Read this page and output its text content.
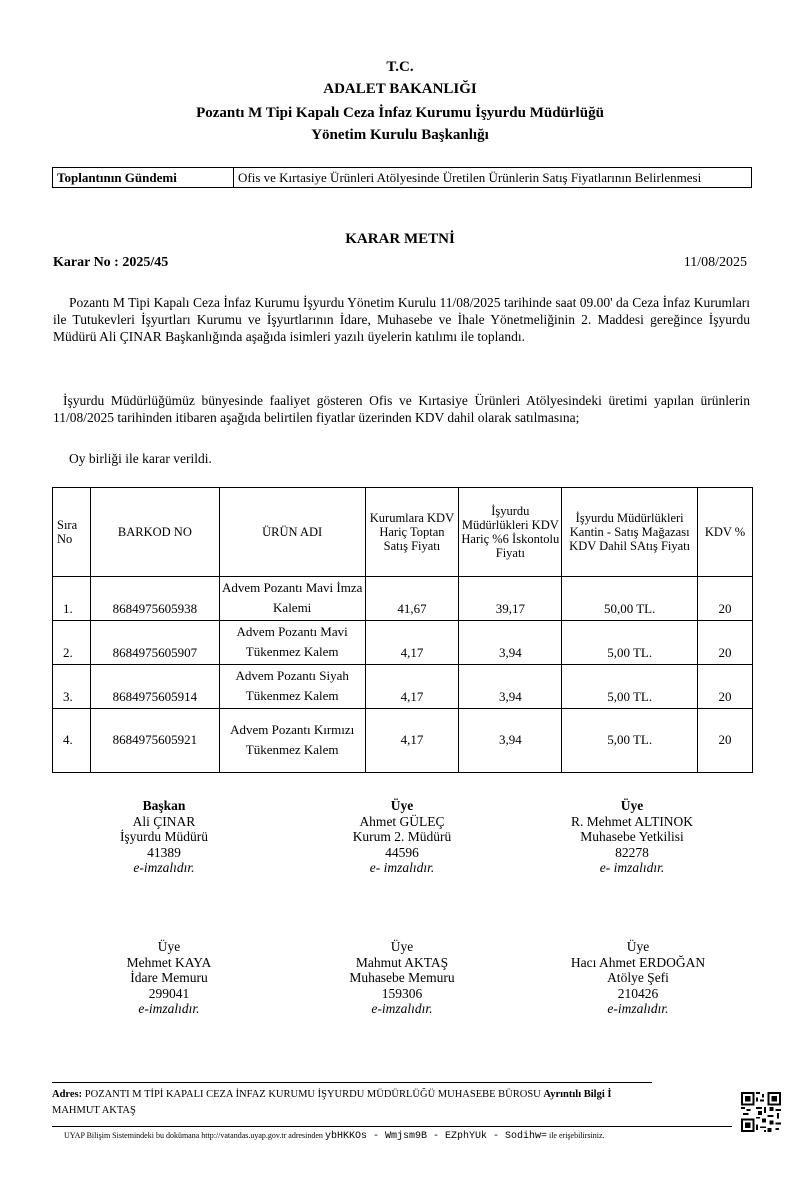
T.C.
ADALET BAKANLIĞI
Pozantı M Tipi Kapalı Ceza İnfaz Kurumu İşyurdu Müdürlüğü
Yönetim Kurulu Başkanlığı
Toplantının Gündemi	Ofis ve Kırtasiye Ürünleri Atölyesinde Üretilen Ürünlerin Satış Fiyatlarının Belirlenmesi
KARAR METNİ
Karar No : 2025/45	11/08/2025
Pozantı M Tipi Kapalı Ceza İnfaz Kurumu İşyurdu Yönetim Kurulu 11/08/2025 tarihinde saat 09.00' da Ceza İnfaz Kurumları ile Tutukevleri İşyurtları Kurumu ve İşyurtlarının İdare, Muhasebe ve İhale Yönetmeliğinin 2. Maddesi gereğince İşyurdu Müdürü Ali ÇINAR Başkanlığında aşağıda isimleri yazılı üyelerin katılımı ile toplandı.
İşyurdu Müdürlüğümüz bünyesinde faaliyet gösteren Ofis ve Kırtasiye Ürünleri Atölyesindeki üretimi yapılan ürünlerin 11/08/2025 tarihinden itibaren aşağıda belirtilen fiyatlar üzerinden KDV dahil olarak satılmasına;
Oy birliği ile karar verildi.
Sıra No	BARKOD NO	ÜRÜN ADI	Kurumlara KDV Hariç Toptan Satış Fiyatı	İşyurdu Müdürlükleri KDV Hariç %6 İskontolu Fiyatı	İşyurdu Müdürlükleri Kantin - Satış Mağazası KDV Dahil SAtış Fiyatı	KDV %
1.	8684975605938	Advem Pozantı Mavi İmza Kalemi	41,67	39,17	50,00 TL.	20
2.	8684975605907	Advem Pozantı Mavi Tükenmez Kalem	4,17	3,94	5,00 TL.	20
3.	8684975605914	Advem Pozantı Siyah Tükenmez Kalem	4,17	3,94	5,00 TL.	20
4.	8684975605921	Advem Pozantı Kırmızı Tükenmez Kalem	4,17	3,94	5,00 TL.	20
Başkan
Ali ÇINAR
İşyurdu Müdürü
41389
e-imzalıdır.
Üye
Ahmet GÜLEÇ
Kurum 2. Müdürü
44596
e- imzalıdır.
Üye
R. Mehmet ALTINOK
Muhasebe Yetkilisi
82278
e- imzalıdır.
Üye
Mehmet KAYA
İdare Memuru
299041
e-imzalıdır.
Üye
Mahmut AKTAŞ
Muhasebe Memuru
159306
e-imzalıdır.
Üye
Hacı Ahmet ERDOĞAN
Atölye Şefi
210426
e-imzalıdır.
Adres: POZANTI M TİPİ KAPALI CEZA İNFAZ KURUMU İŞYURDU MÜDÜRLÜĞÜ MUHASEBE BÜROSU Ayrıntılı Bilgi İ
MAHMUT AKTAŞ
UYAP Bilişim Sistemindeki bu dokümana http://vatandas.uyap.gov.tr adresinden ybHKKOs - Wmjsm9B - EZphYUk - Sodihw= ile erişebilirsiniz.
